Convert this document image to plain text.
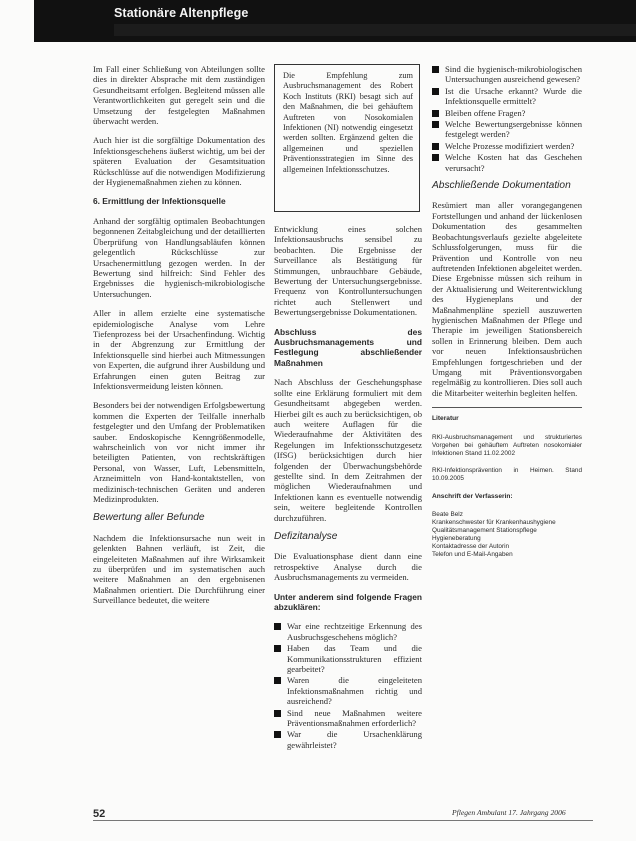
Stationäre Altenpflege

Im Fall einer Schließung von Abteilungen sollte dies in direkter Absprache mit dem zuständigen Gesundheitsamt erfolgen. Begleitend müssen alle Verantwortlichkeiten gut geregelt sein und die Umsetzung der festgelegten Maßnahmen überwacht werden.

Auch hier ist die sorgfältige Dokumentation des Infektionsgeschehens äußerst wichtig, um bei der späteren Evaluation der Gesamtsituation Rückschlüsse auf die notwendigen Modifizierung der Hygienemaßnahmen ziehen zu können.

6. Ermittlung der Infektionsquelle

Anhand der sorgfältig optimalen Beobachtungen begonnenen Zeitabgleichung und der detaillierten Überprüfung von Handlungsabläufen können gelegentlich Rückschlüsse zur Ursachenermittlung gezogen werden. In der Bewertung sind hilfreich: Sind Fehler des Ergebnisses die hygienisch-mikrobiologische Untersuchungen.

Aller in allem erzielte eine systematische epidemiologische Analyse vom Lehre Tiefenprozess bei der Ursachenfindung. Wichtig in der Abgrenzung zur Ermittlung der Infektionsquelle sind hierbei auch Mitmessungen von Experten, die aufgrund ihrer Ausbildung und Erfahrungen einen guten Beitrag zur Infektionsvermeidung leisten können.

Besonders bei der notwendigen Erfolgsbewertung kommen die Experten der Teilfalle innerhalb festgelegter und den Umfang der Problematiken sauber. Endoskopische Kenngrößenmodelle, wahrscheinlich von vor nicht immer ihr beteiligten Patienten, von rechtskräftigen Personal, von Wasser, Luft, Lebensmitteln, Arzneimitteln von Hand-kontaktstellen, von medizinisch-technischen Geräten und anderen Medizinprodukten.

Bewertung aller Befunde

Nachdem die Infektionsursache nun weit in gelenkten Bahnen verläuft, ist Zeit, die eingeleiteten Maßnahmen auf ihre Wirksamkeit zu überprüfen und im systematischen auch weitere Maßnahmen an den ergebnisenen Maßnahmen orientiert. Die Durchführung einer Surveillance bedeutet, die weitere

Die Empfehlung zum Ausbruchsmanagement des Robert Koch Instituts (RKI) besagt sich auf den Maßnahmen, die bei gehäuftem Auftreten von Nosokomialen Infektionen (NI) notwendig eingesetzt werden sollten. Ergänzend gelten die allgemeinen und speziellen Präventionsstrategien im Sinne des allgemeinen Infektionsschutzes.

Entwicklung eines solchen Infektionsausbruchs sensibel zu beobachten. Die Ergebnisse der Surveillance als Bestätigung für Stimmungen, unbrauchbare Gebäude, Bewertung der Untersuchungsergebnisse. Frequenz von Kontrolluntersuchungen richtet auch Stellenwert und Bewertungsergebnisse Dokumentationen.

Abschluss des Ausbruchsmanagements und Festlegung abschließender Maßnahmen

Nach Abschluss der Geschehungsphase sollte eine Erklärung formuliert mit dem Gesundheitsamt abgegeben werden. Hierbei gilt es auch zu berücksichtigen, ob auch weitere Auflagen für die Wiederaufnahme der Aktivitäten des Regelungen im Infektionsschutzgesetz (IfSG) berücksichtigen durch hier folgenden der Überwachungsbehörde gestellte sind. In dem Zeitrahmen der möglichen Wiederaufnahmen und Infektionen kann es eventuelle notwendig sein, weitere begleitende Kontrollen durchzuführen.

Defizitanalyse

Die Evaluationsphase dient dann eine retrospektive Analyse durch die Ausbruchsmanagements zu vermeiden.

Unter anderem sind folgende Fragen abzuklären:

War eine rechtzeitige Erkennung des Ausbruchsgeschehens möglich?
Haben das Team und die Kommunikationsstrukturen effizient gearbeitet?
Waren die eingeleiteten Infektionsmaßnahmen richtig und ausreichend?
Sind neue Maßnahmen weitere Präventionsmaßnahmen erforderlich?
War die Ursachenklärung gewährleistet?
Sind die hygienisch-mikrobiologischen Untersuchungen ausreichend gewesen?
Ist die Ursache erkannt? Wurde die Infektionsquelle ermittelt?
Bleiben offene Fragen?
Welche Bewertungsergebnisse können festgelegt werden?
Welche Prozesse modifiziert werden?
Welche Kosten hat das Geschehen verursacht?

Abschließende Dokumentation

Resümiert man aller vorangegangenen Fortstellungen und anhand der lückenlosen Dokumentation des gesammelten Beobachtungsverlaufs gezielte abgeleitete Schlussfolgerungen, muss für die Prävention und Kontrolle von neu auftretenden Infektionen abgeleitet werden. Diese Ergebnisse müssen sich reihum in der Aktualisierung und Weiterentwicklung des Hygieneplans und der Maßnahmenpläne speziell auszuwerten hygienischen Maßnahmen der Pflege und Therapie im jeweiligen Stationsbereich sollen in Erinnerung bleiben. Dem auch vor neuen Infektionsausbrüchen Empfehlungen fortgeschrieben und der Umgang mit Präventionsvorgaben regelmäßig zu kontrollieren. Dies soll auch die Mitarbeiter weiterhin begleiten helfen.

Literatur

RKI-Ausbruchsmanagement und strukturiertes Vorgehen bei gehäuftem Auftreten nosokomialer Infektionen Stand 11.02.2002

RKI-Infektionsprävention in Heimen. Stand 10.09.2005

Anschrift der Verfasserin:

Beate Belz
Krankenschwester für Krankenhaushygiene
Qualitätsmanagement Stationspflege
Hygieneberatung
Kontaktadresse der Autorin
Telefon und E-Mail-Angaben
52	Pflegen Ambulant 17. Jahrgang 2006
